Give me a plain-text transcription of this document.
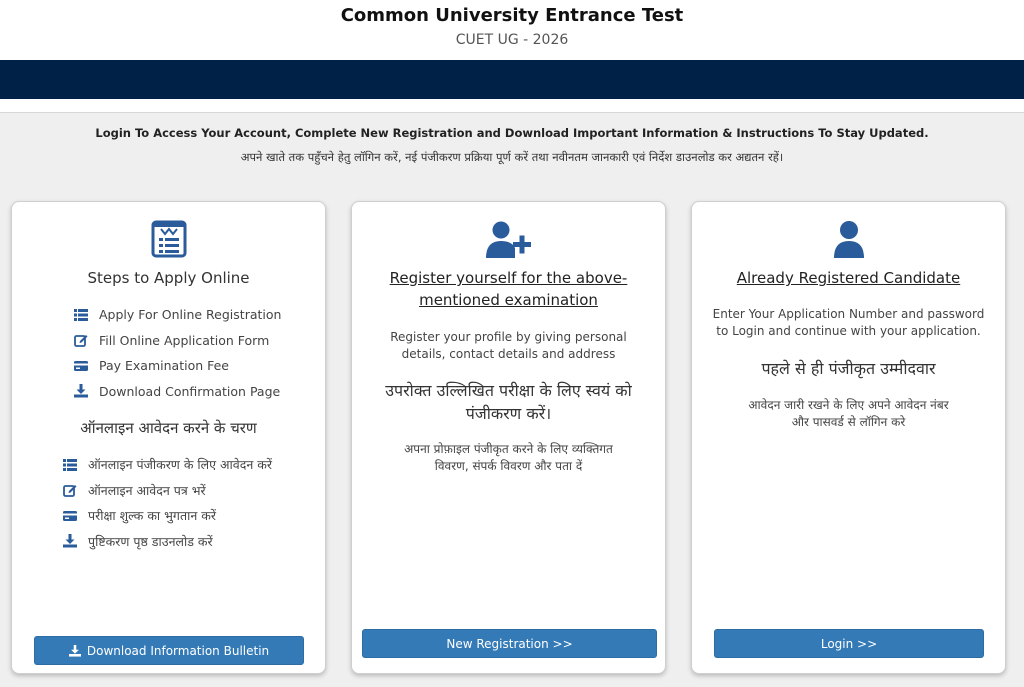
Common University Entrance Test
CUET UG - 2026
Login To Access Your Account, Complete New Registration and Download Important Information & Instructions To Stay Updated.
अपने खाते तक पहुँचने हेतु लॉगिन करें, नई पंजीकरण प्रक्रिया पूर्ण करें तथा नवीनतम जानकारी एवं निर्देश डाउनलोड कर अद्यतन रहें।
Steps to Apply Online
Apply For Online Registration
Fill Online Application Form
Pay Examination Fee
Download Confirmation Page
ऑनलाइन आवेदन करने के चरण
ऑनलाइन पंजीकरण के लिए आवेदन करें
ऑनलाइन आवेदन पत्र भरें
परीक्षा शुल्क का भुगतान करें
पुष्टिकरण पृष्ठ डाउनलोड करें
Download Information Bulletin
Register yourself for the above-mentioned examination
Register your profile by giving personal details, contact details and address
उपरोक्त उल्लिखित परीक्षा के लिए स्वयं को पंजीकरण करें।
अपना प्रोफ़ाइल पंजीकृत करने के लिए व्यक्तिगत विवरण, संपर्क विवरण और पता दें
New Registration >>
Already Registered Candidate
Enter Your Application Number and password to Login and continue with your application.
पहले से ही पंजीकृत उम्मीदवार
आवेदन जारी रखने के लिए अपने आवेदन नंबर और पासवर्ड से लॉगिन करे
Login >>
